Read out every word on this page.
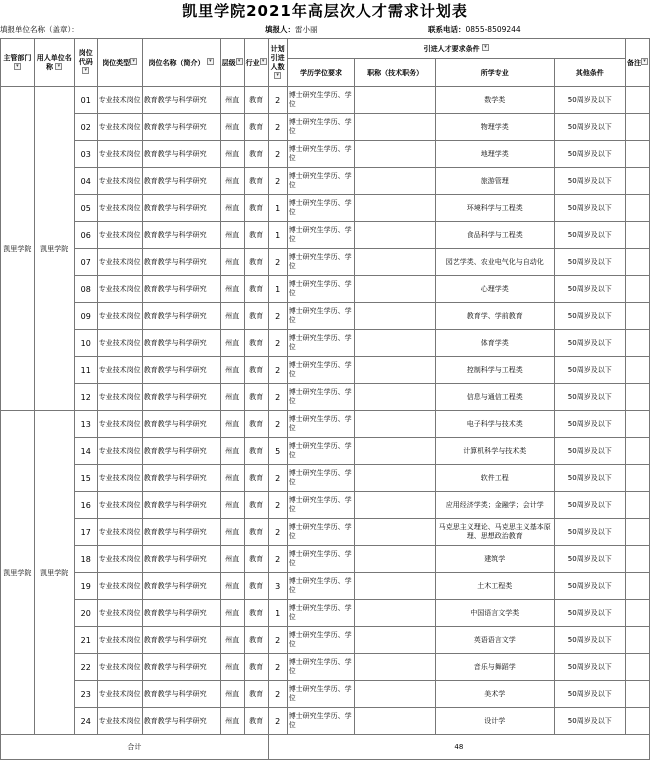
凯里学院2021年高层次人才需求计划表
填报单位名称（盖章）：	填报人：雷小丽	联系电话：0855-8509244
主管部门 ▾	用人单位名称 ▾	岗位代码 ▾	岗位类型 ▾	岗位名称（简介） ▾	层级 ▾	行业 ▾	计划引进人数▾	引进人才要求条件 ▾				备注 ▾
								学历学位要求	职称（技术职务）	所学专业	其他条件	
凯里学院	凯里学院	01	专业技术岗位	教育教学与科学研究	州直	教育	2	博士研究生学历、学位		数学类	50周岁及以下	
		02	专业技术岗位	教育教学与科学研究	州直	教育	2	博士研究生学历、学位		物理学类	50周岁及以下	
		03	专业技术岗位	教育教学与科学研究	州直	教育	2	博士研究生学历、学位		地理学类	50周岁及以下	
		04	专业技术岗位	教育教学与科学研究	州直	教育	2	博士研究生学历、学位		旅游管理	50周岁及以下	
		05	专业技术岗位	教育教学与科学研究	州直	教育	1	博士研究生学历、学位		环境科学与工程类	50周岁及以下	
		06	专业技术岗位	教育教学与科学研究	州直	教育	1	博士研究生学历、学位		食品科学与工程类	50周岁及以下	
		07	专业技术岗位	教育教学与科学研究	州直	教育	2	博士研究生学历、学位		园艺学类、农业电气化与自动化	50周岁及以下	
		08	专业技术岗位	教育教学与科学研究	州直	教育	1	博士研究生学历、学位		心理学类	50周岁及以下	
		09	专业技术岗位	教育教学与科学研究	州直	教育	2	博士研究生学历、学位		教育学、学前教育	50周岁及以下	
		10	专业技术岗位	教育教学与科学研究	州直	教育	2	博士研究生学历、学位		体育学类	50周岁及以下	
		11	专业技术岗位	教育教学与科学研究	州直	教育	2	博士研究生学历、学位		控制科学与工程类	50周岁及以下	
		12	专业技术岗位	教育教学与科学研究	州直	教育	2	博士研究生学历、学位		信息与通信工程类	50周岁及以下	
凯里学院	凯里学院	13	专业技术岗位	教育教学与科学研究	州直	教育	2	博士研究生学历、学位		电子科学与技术类	50周岁及以下	
		14	专业技术岗位	教育教学与科学研究	州直	教育	5	博士研究生学历、学位		计算机科学与技术类	50周岁及以下	
		15	专业技术岗位	教育教学与科学研究	州直	教育	2	博士研究生学历、学位		软件工程	50周岁及以下	
		16	专业技术岗位	教育教学与科学研究	州直	教育	2	博士研究生学历、学位		应用经济学类；金融学；会计学	50周岁及以下	
		17	专业技术岗位	教育教学与科学研究	州直	教育	2	博士研究生学历、学位		马克思主义理论、马克思主义基本原理、思想政治教育	50周岁及以下	
		18	专业技术岗位	教育教学与科学研究	州直	教育	2	博士研究生学历、学位		建筑学	50周岁及以下	
		19	专业技术岗位	教育教学与科学研究	州直	教育	3	博士研究生学历、学位		土木工程类	50周岁及以下	
		20	专业技术岗位	教育教学与科学研究	州直	教育	1	博士研究生学历、学位		中国语言文学类	50周岁及以下	
		21	专业技术岗位	教育教学与科学研究	州直	教育	2	博士研究生学历、学位		英语语言文学	50周岁及以下	
		22	专业技术岗位	教育教学与科学研究	州直	教育	2	博士研究生学历、学位		音乐与舞蹈学	50周岁及以下	
		23	专业技术岗位	教育教学与科学研究	州直	教育	2	博士研究生学历、学位		美术学	50周岁及以下	
		24	专业技术岗位	教育教学与科学研究	州直	教育	2	博士研究生学历、学位		设计学	50周岁及以下	
合计							48					
